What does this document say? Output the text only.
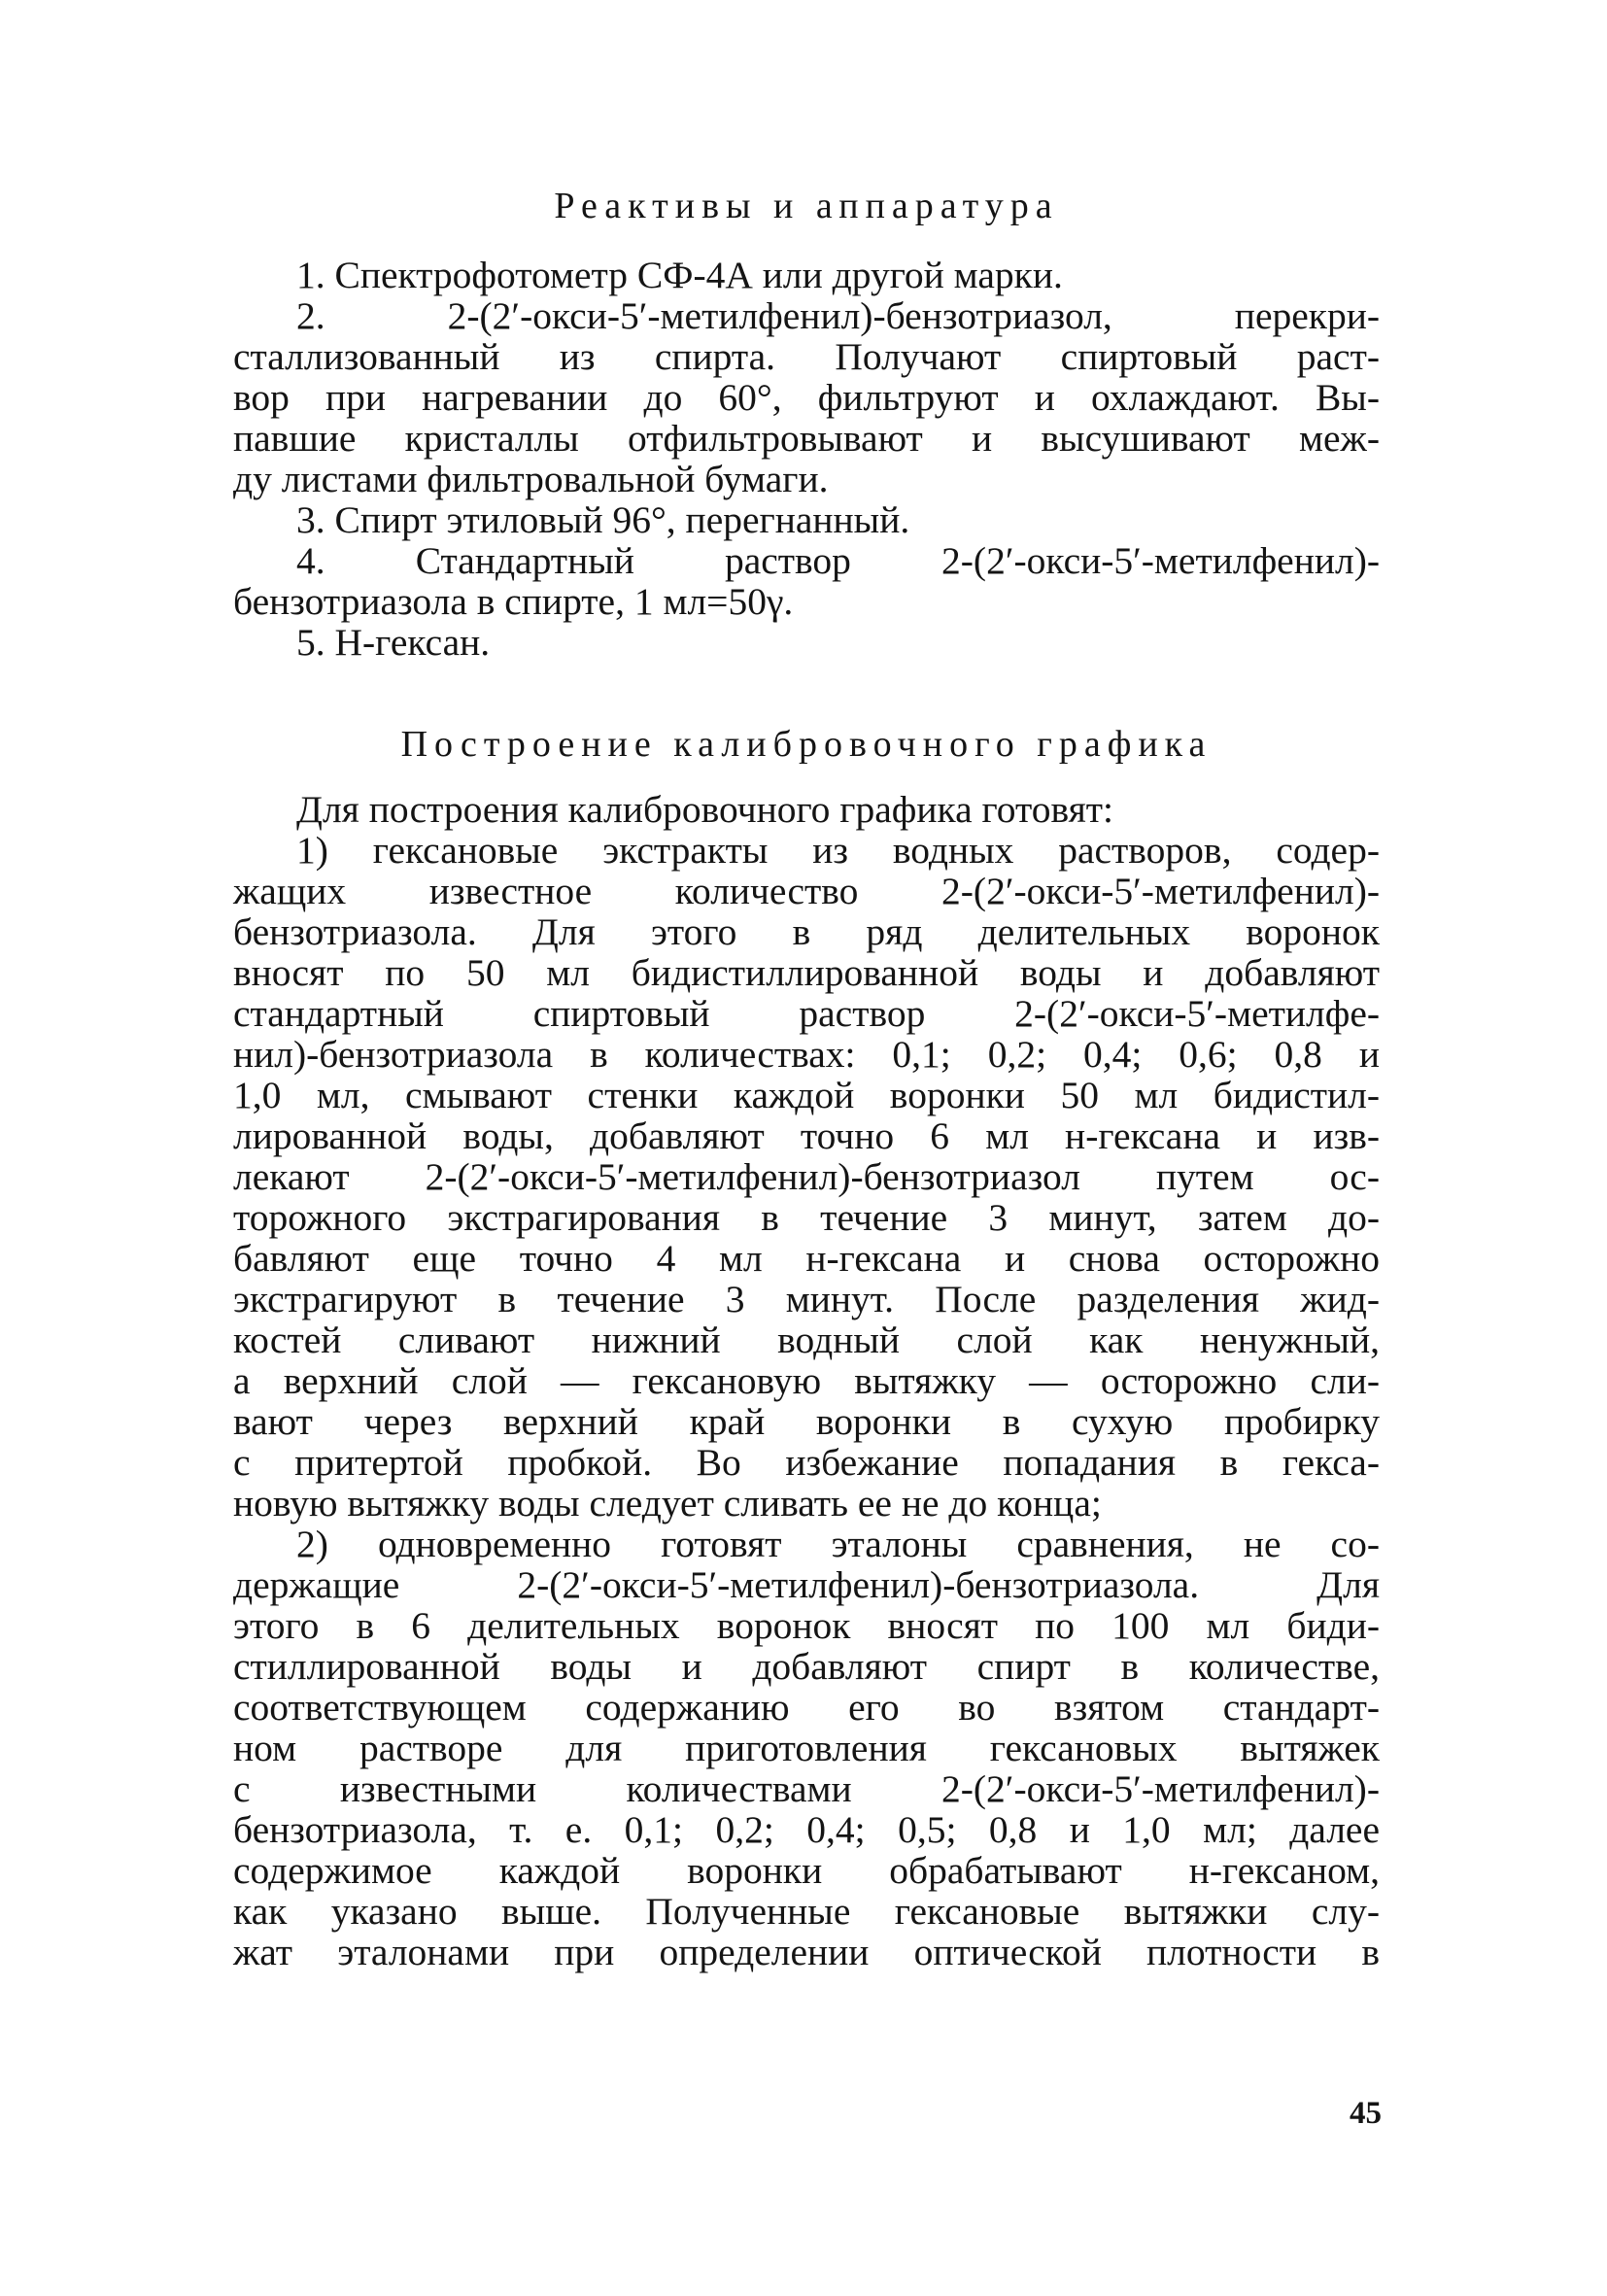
Реактивы и аппаратура
1. Спектрофотометр СФ-4А или другой марки.
2. 2-(2′-окси-5′-метилфенил)-бензотриазол, перекри-
сталлизованный из спирта. Получают спиртовый раст-
вор при нагревании до 60°, фильтруют и охлаждают. Вы-
павшие кристаллы отфильтровывают и высушивают меж-
ду листами фильтровальной бумаги.
3. Спирт этиловый 96°, перегнанный.
4. Стандартный раствор 2-(2′-окси-5′-метилфенил)-
бензотриазола в спирте, 1 мл=50γ.
5. Н-гексан.
Построение калибровочного графика
Для построения калибровочного графика готовят:
1) гексановые экстракты из водных растворов, содер-
жащих известное количество 2-(2′-окси-5′-метилфенил)-
бензотриазола. Для этого в ряд делительных воронок
вносят по 50 мл бидистиллированной воды и добавляют
стандартный спиртовый раствор 2-(2′-окси-5′-метилфе-
нил)-бензотриазола в количествах: 0,1; 0,2; 0,4; 0,6; 0,8 и
1,0 мл, смывают стенки каждой воронки 50 мл бидистил-
лированной воды, добавляют точно 6 мл н-гексана и изв-
лекают 2-(2′-окси-5′-метилфенил)-бензотриазол путем ос-
торожного экстрагирования в течение 3 минут, затем до-
бавляют еще точно 4 мл н-гексана и снова осторожно
экстрагируют в течение 3 минут. После разделения жид-
костей сливают нижний водный слой как ненужный,
а верхний слой — гексановую вытяжку — осторожно сли-
вают через верхний край воронки в сухую пробирку
с притертой пробкой. Во избежание попадания в гекса-
новую вытяжку воды следует сливать ее не до конца;
2) одновременно готовят эталоны сравнения, не со-
держащие 2-(2′-окси-5′-метилфенил)-бензотриазола. Для
этого в 6 делительных воронок вносят по 100 мл биди-
стиллированной воды и добавляют спирт в количестве,
соответствующем содержанию его во взятом стандарт-
ном растворе для приготовления гексановых вытяжек
с известными количествами 2-(2′-окси-5′-метилфенил)-
бензотриазола, т. е. 0,1; 0,2; 0,4; 0,5; 0,8 и 1,0 мл; далее
содержимое каждой воронки обрабатывают н-гексаном,
как указано выше. Полученные гексановые вытяжки слу-
жат эталонами при определении оптической плотности в
45
